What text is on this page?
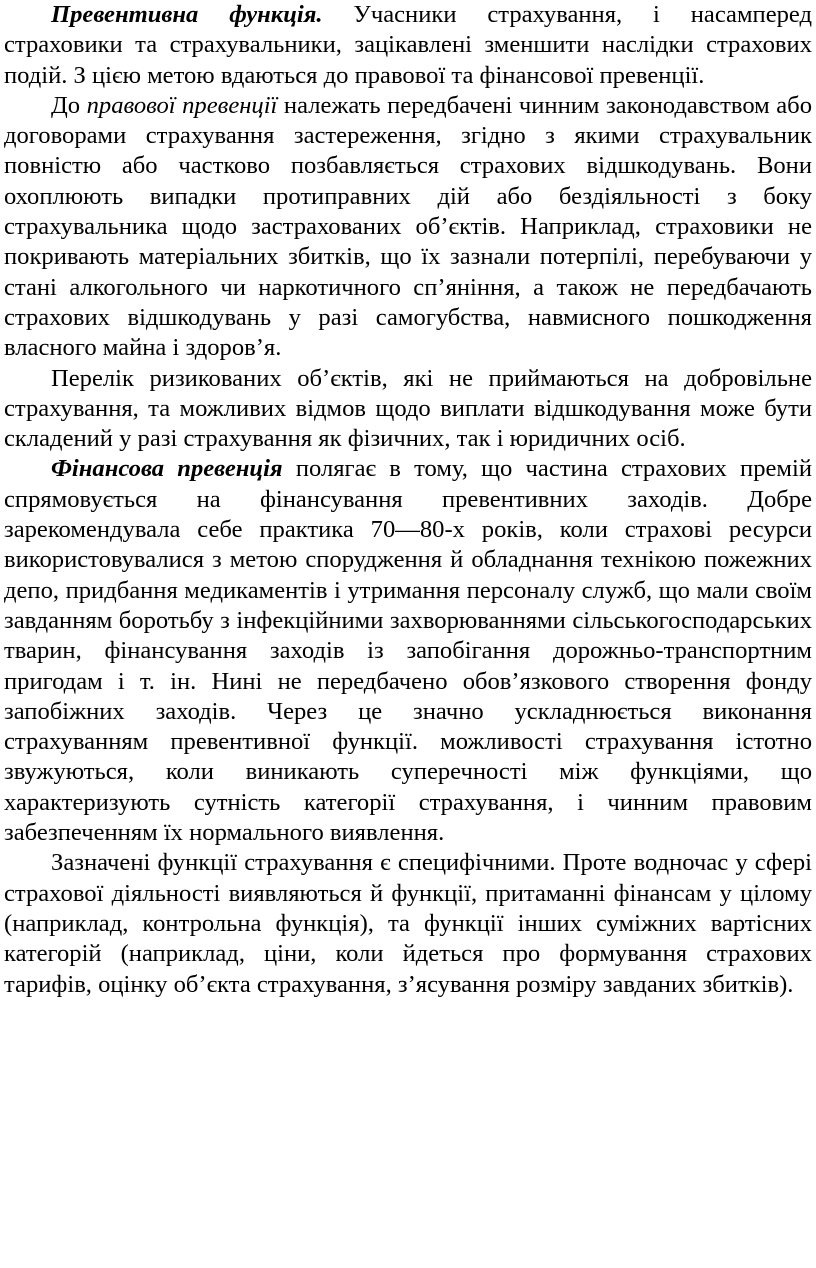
Превентивна функція. Учасники страхування, і насамперед страховики та страхувальники, зацікавлені зменшити наслідки страхових подій. З цією метою вдаються до правової та фінансової превенції.

До правової превенції належать передбачені чинним законодавством або договорами страхування застереження, згідно з якими страхувальник повністю або частково позбавляється страхових відшкодувань. Вони охоплюють випадки протиправних дій або бездіяльності з боку страхувальника щодо застрахованих об’єктів. Наприклад, страховики не покривають матеріальних збитків, що їх зазнали потерпілі, перебуваючи у стані алкогольного чи наркотичного сп’яніння, а також не передбачають страхових відшкодувань у разі самогубства, навмисного пошкодження власного майна і здоров’я.

Перелік ризикованих об’єктів, які не приймаються на добровільне страхування, та можливих відмов щодо виплати відшкодування може бути складений у разі страхування як фізичних, так і юридичних осіб.

Фінансова превенція полягає в тому, що частина страхових премій спрямовується на фінансування превентивних заходів. Добре зарекомендувала себе практика 70—80-х років, коли страхові ресурси використовувалися з метою спорудження й обладнання технікою пожежних депо, придбання медикаментів і утримання персоналу служб, що мали своїм завданням боротьбу з інфекційними захворюваннями сільськогосподарських тварин, фінансування заходів із запобігання дорожньо-транспортним пригодам і т. ін. Нині не передбачено обов’язкового створення фонду запобіжних заходів. Через це значно ускладнюється виконання страхуванням превентивної функції. можливості страхування істотно звужуються, коли виникають суперечності між функціями, що характеризують сутність категорії страхування, і чинним правовим забезпеченням їх нормального виявлення.

Зазначені функції страхування є специфічними. Проте водночас у сфері страхової діяльності виявляються й функції, притаманні фінансам у цілому (наприклад, контрольна функція), та функції інших суміжних вартісних категорій (наприклад, ціни, коли йдеться про формування страхових тарифів, оцінку об’єкта страхування, з’ясування розміру завданих збитків).
